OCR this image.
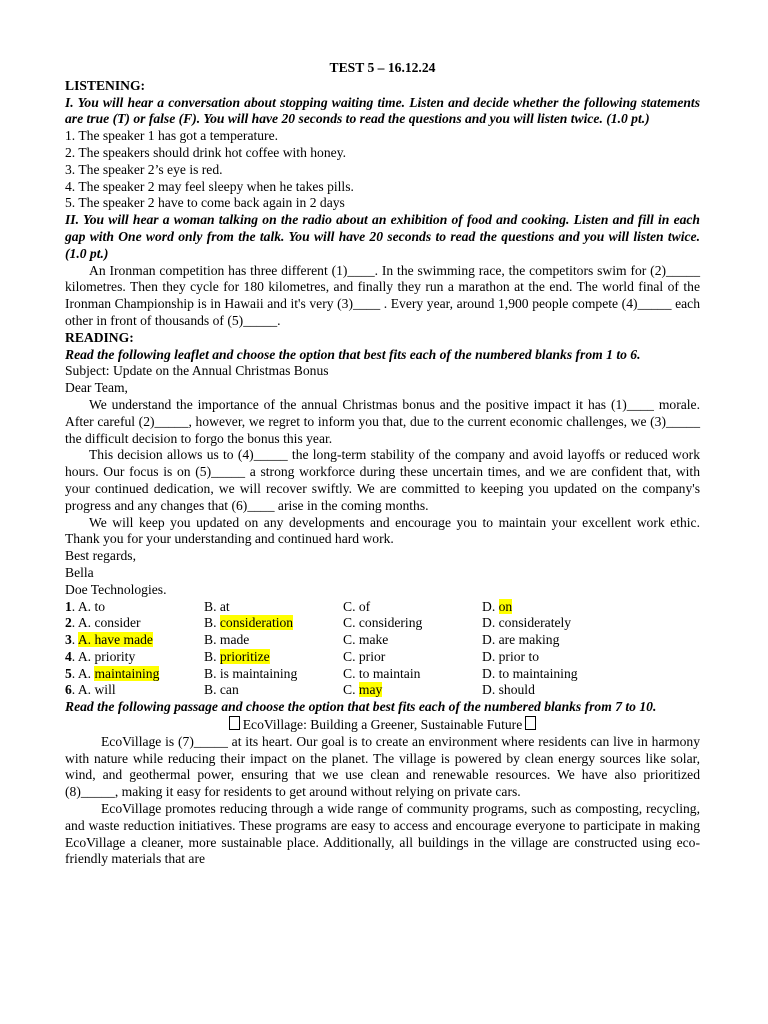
TEST 5 – 16.12.24
LISTENING:
I. You will hear a conversation about stopping waiting time. Listen and decide whether the following statements are true (T) or false (F). You will have 20 seconds to read the questions and you will listen twice. (1.0 pt.)
1. The speaker 1 has got a temperature.
2. The speakers should drink hot coffee with honey.
3. The speaker 2’s eye is red.
4. The speaker 2 may feel sleepy when he takes pills.
5. The speaker 2 have to come back again in 2 days
II. You will hear a woman talking on the radio about an exhibition of food and cooking. Listen and fill in each gap with One word only from the talk. You will have 20 seconds to read the questions and you will listen twice. (1.0 pt.)
An Ironman competition has three different (1)____. In the swimming race, the competitors swim for (2)_____ kilometres. Then they cycle for 180 kilometres, and finally they run a marathon at the end. The world final of the Ironman Championship is in Hawaii and it's very (3)____ . Every year, around 1,900 people compete (4)_____ each other in front of thousands of (5)_____.
READING:
Read the following leaflet and choose the option that best fits each of the numbered blanks from 1 to 6.
Subject: Update on the Annual Christmas Bonus
Dear Team,
We understand the importance of the annual Christmas bonus and the positive impact it has (1)____ morale. After careful (2)_____, however, we regret to inform you that, due to the current economic challenges, we (3)_____ the difficult decision to forgo the bonus this year.
This decision allows us to (4)_____ the long-term stability of the company and avoid layoffs or reduced work hours. Our focus is on (5)_____ a strong workforce during these uncertain times, and we are confident that, with your continued dedication, we will recover swiftly. We are committed to keeping you updated on the company's progress and any changes that (6)____ arise in the coming months.
We will keep you updated on any developments and encourage you to maintain your excellent work ethic. Thank you for your understanding and continued hard work.
Best regards,
Bella
Doe Technologies.
1. A. to	B. at	C. of	D. on
2. A. consider	B. consideration	C. considering	D. considerately
3. A. have made	B. made	C. make	D. are making
4. A. priority	B. prioritize	C. prior	D. prior to
5. A. maintaining	B. is maintaining	C. to maintain	D. to maintaining
6. A. will	B. can	C. may	D. should
Read the following passage and choose the option that best fits each of the numbered blanks from 7 to 10.
EcoVillage: Building a Greener, Sustainable Future
EcoVillage is (7)_____ at its heart. Our goal is to create an environment where residents can live in harmony with nature while reducing their impact on the planet. The village is powered by clean energy sources like solar, wind, and geothermal power, ensuring that we use clean and renewable resources. We have also prioritized (8)_____, making it easy for residents to get around without relying on private cars.
EcoVillage promotes reducing through a wide range of community programs, such as composting, recycling, and waste reduction initiatives. These programs are easy to access and encourage everyone to participate in making EcoVillage a cleaner, more sustainable place. Additionally, all buildings in the village are constructed using eco-friendly materials that are
